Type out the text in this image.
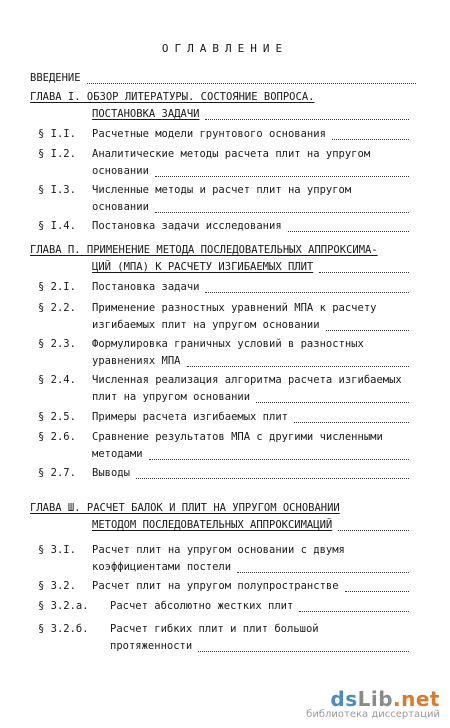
ОГЛАВЛЕНИЕ
ВВЕДЕНИЕ
ГЛАВА I. ОБЗОР ЛИТЕРАТУРЫ. СОСТОЯНИЕ ВОПРОСА.
ПОСТАНОВКА ЗАДАЧИ
§ I.I. Расчетные модели грунтового основания
§ I.2. Аналитические методы расчета плит на упругом
основании
§ I.3. Численные методы и расчет плит на упругом
основании
§ I.4. Постановка задачи исследования
ГЛАВА П. ПРИМЕНЕНИЕ МЕТОДА ПОСЛЕДОВАТЕЛЬНЫХ АППРОКСИМА-
ЦИЙ (МПА) К РАСЧЕТУ ИЗГИБАЕМЫХ ПЛИТ
§ 2.I. Постановка задачи
§ 2.2. Применение разностных уравнений МПА к расчету
изгибаемых плит на упругом основании
§ 2.3. Формулировка граничных условий в разностных
уравнениях МПА
§ 2.4. Численная реализация алгоритма расчета изгибаемых
плит на упругом основании
§ 2.5. Примеры расчета изгибаемых плит
§ 2.6. Сравнение результатов МПА с другими численными
методами
§ 2.7. Выводы
ГЛАВА Ш. РАСЧЕТ БАЛОК И ПЛИТ НА УПРУГОМ ОСНОВАНИИ
МЕТОДОМ ПОСЛЕДОВАТЕЛЬНЫХ АППРОКСИМАЦИЙ
§ 3.I. Расчет плит на упругом основании с двумя
коэффициентами постели
§ 3.2. Расчет плит на упругом полупространстве
§ 3.2.а. Расчет абсолютно жестких плит
§ 3.2.б. Расчет гибких плит и плит большой
протяженности
dsLib.net
библиотека диссертаций
